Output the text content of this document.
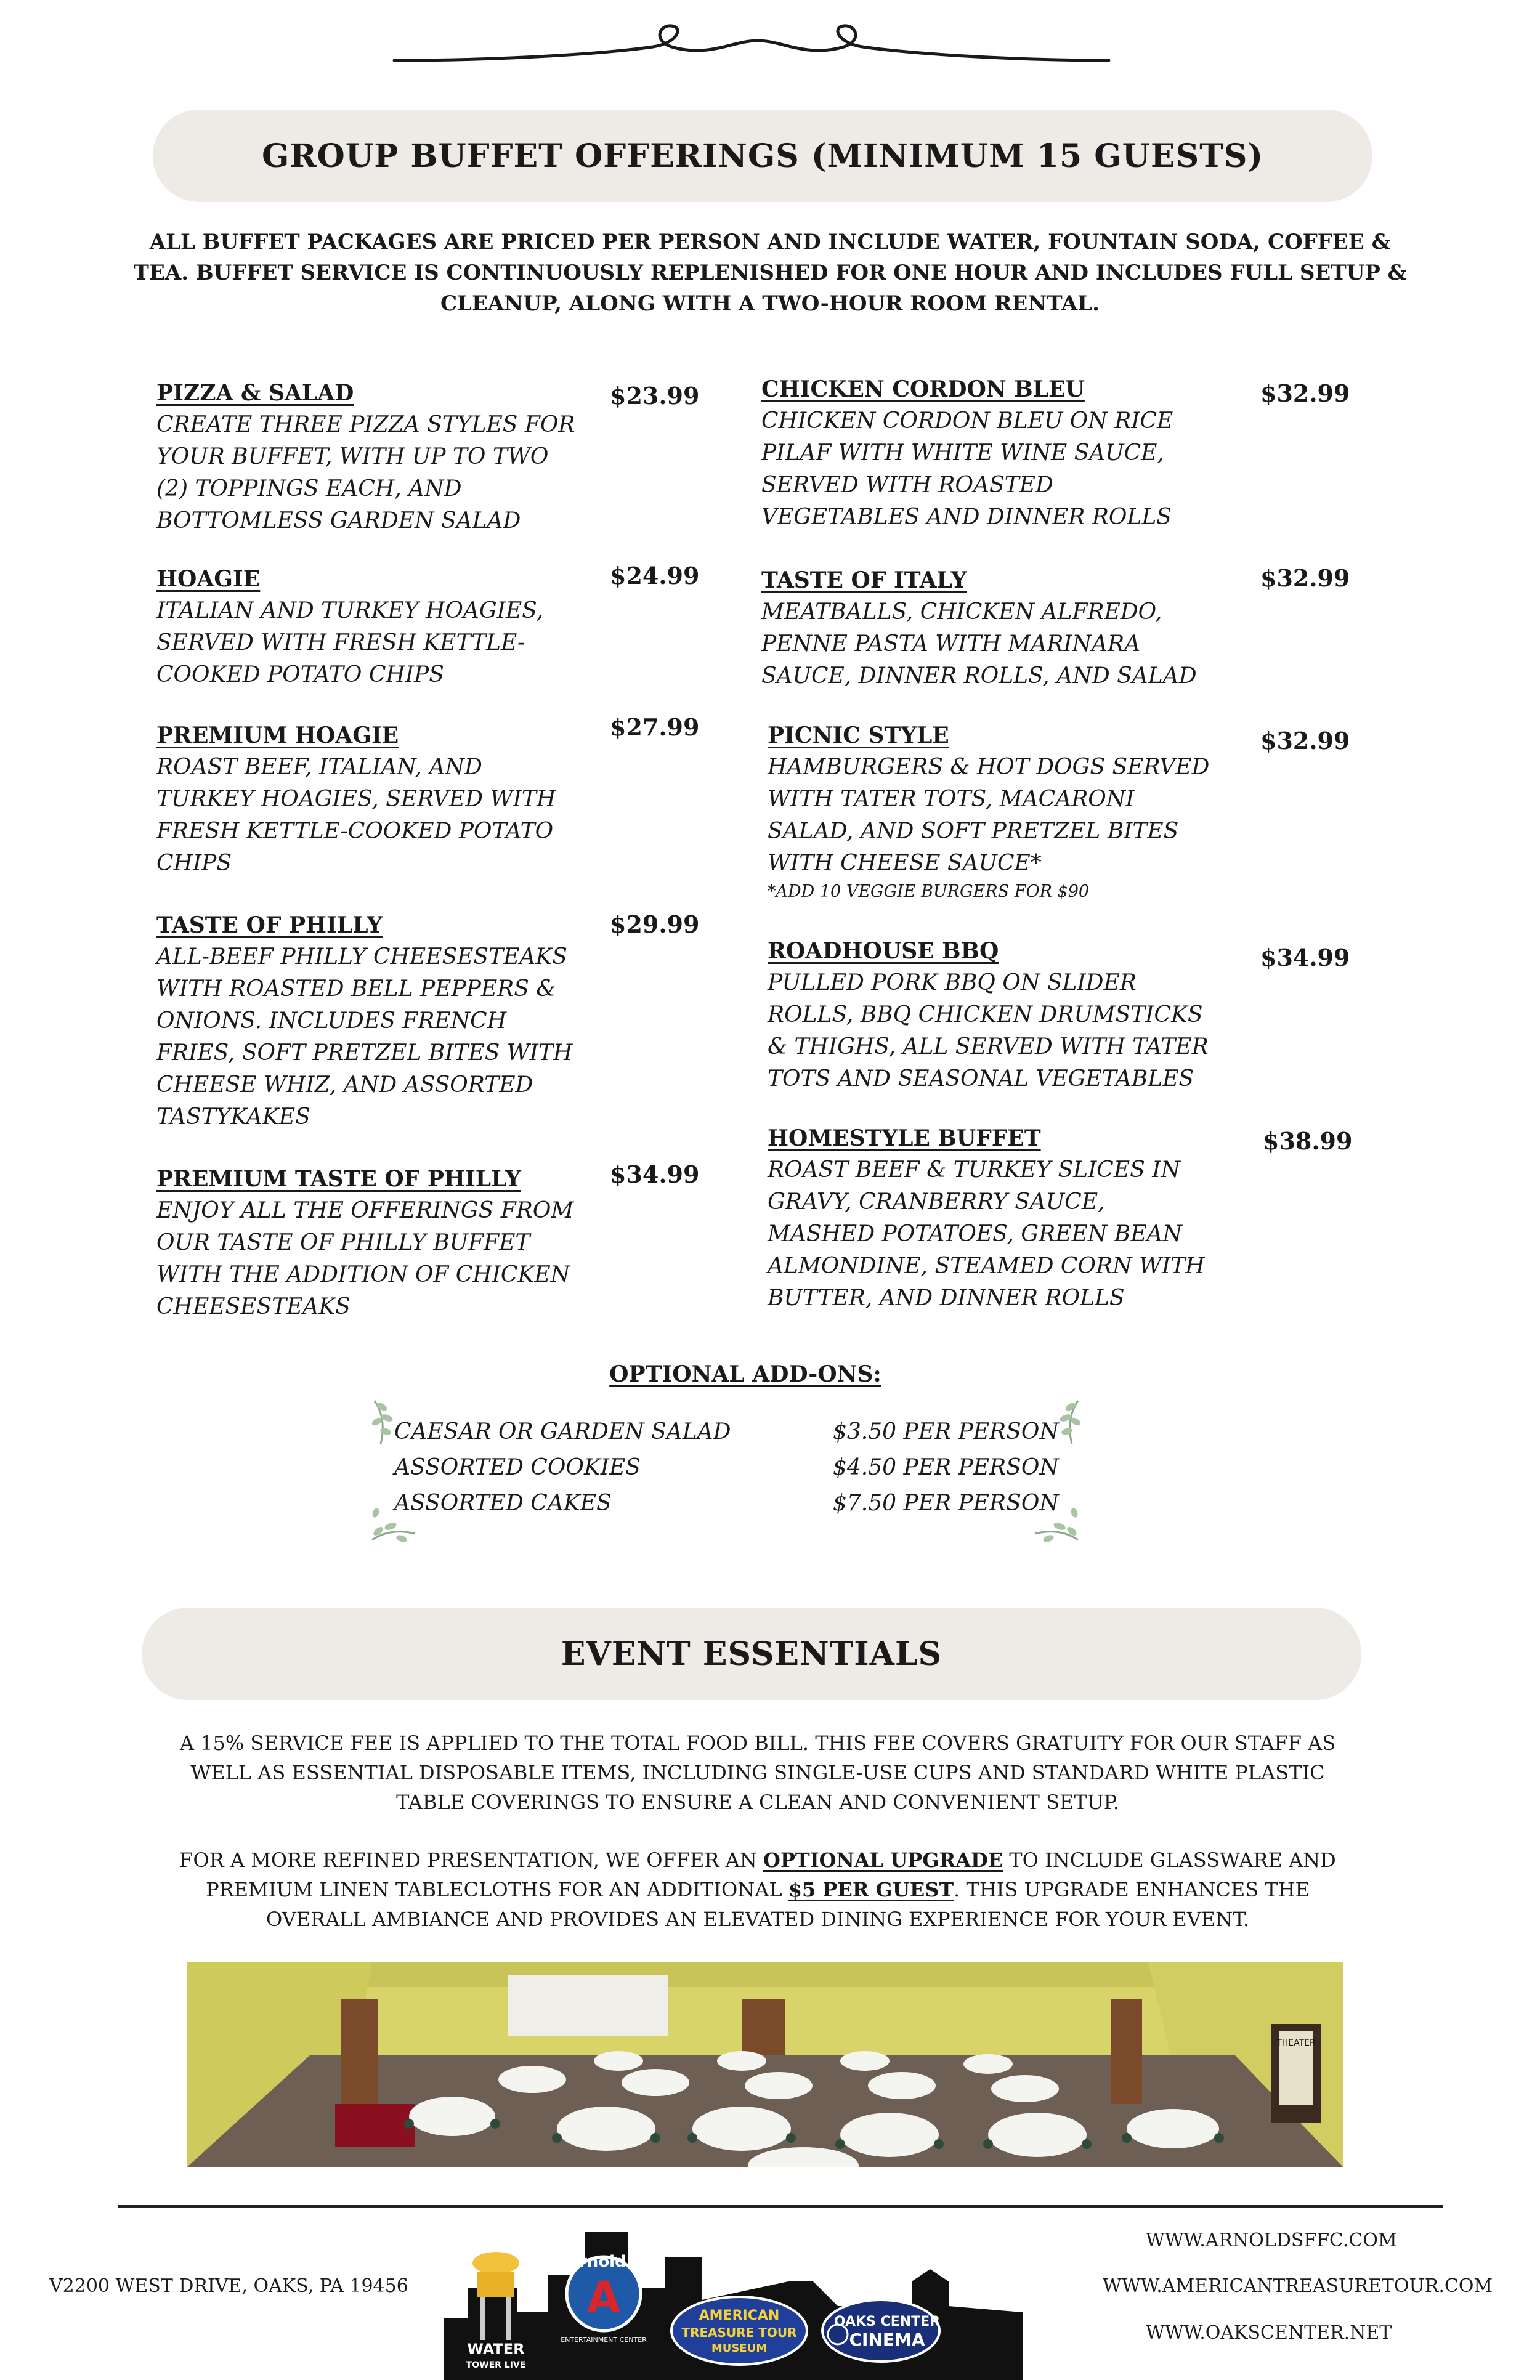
GROUP BUFFET OFFERINGS (MINIMUM 15 GUESTS)
ALL BUFFET PACKAGES ARE PRICED PER PERSON AND INCLUDE WATER, FOUNTAIN SODA, COFFEE & TEA. BUFFET SERVICE IS CONTINUOUSLY REPLENISHED FOR ONE HOUR AND INCLUDES FULL SETUP & CLEANUP, ALONG WITH A TWO-HOUR ROOM RENTAL.
PIZZA & SALAD
CREATE THREE PIZZA STYLES FOR
YOUR BUFFET, WITH UP TO TWO
(2) TOPPINGS EACH, AND
BOTTOMLESS GARDEN SALAD
$23.99
HOAGIE
ITALIAN AND TURKEY HOAGIES,
SERVED WITH FRESH KETTLE-
COOKED POTATO CHIPS
$24.99
PREMIUM HOAGIE
ROAST BEEF, ITALIAN, AND
TURKEY HOAGIES, SERVED WITH
FRESH KETTLE-COOKED POTATO
CHIPS
$27.99
TASTE OF PHILLY
ALL-BEEF PHILLY CHEESESTEAKS
WITH ROASTED BELL PEPPERS &
ONIONS. INCLUDES FRENCH
FRIES, SOFT PRETZEL BITES WITH
CHEESE WHIZ, AND ASSORTED
TASTYKAKES
$29.99
PREMIUM TASTE OF PHILLY
ENJOY ALL THE OFFERINGS FROM
OUR TASTE OF PHILLY BUFFET
WITH THE ADDITION OF CHICKEN
CHEESESTEAKS
$34.99
CHICKEN CORDON BLEU
CHICKEN CORDON BLEU ON RICE
PILAF WITH WHITE WINE SAUCE,
SERVED WITH ROASTED
VEGETABLES AND DINNER ROLLS
$32.99
TASTE OF ITALY
MEATBALLS, CHICKEN ALFREDO,
PENNE PASTA WITH MARINARA
SAUCE, DINNER ROLLS, AND SALAD
$32.99
PICNIC STYLE
HAMBURGERS & HOT DOGS SERVED
WITH TATER TOTS, MACARONI
SALAD, AND SOFT PRETZEL BITES
WITH CHEESE SAUCE*
*ADD 10 VEGGIE BURGERS FOR $90
$32.99
ROADHOUSE BBQ
PULLED PORK BBQ ON SLIDER
ROLLS, BBQ CHICKEN DRUMSTICKS
& THIGHS, ALL SERVED WITH TATER
TOTS AND SEASONAL VEGETABLES
$34.99
HOMESTYLE BUFFET
ROAST BEEF & TURKEY SLICES IN
GRAVY, CRANBERRY SAUCE,
MASHED POTATOES, GREEN BEAN
ALMONDINE, STEAMED CORN WITH
BUTTER, AND DINNER ROLLS
$38.99
OPTIONAL ADD-ONS:
CAESAR OR GARDEN SALAD	$3.50 PER PERSON
ASSORTED COOKIES	$4.50 PER PERSON
ASSORTED CAKES	$7.50 PER PERSON
EVENT ESSENTIALS
A 15% SERVICE FEE IS APPLIED TO THE TOTAL FOOD BILL. THIS FEE COVERS GRATUITY FOR OUR STAFF AS WELL AS ESSENTIAL DISPOSABLE ITEMS, INCLUDING SINGLE-USE CUPS AND STANDARD WHITE PLASTIC TABLE COVERINGS TO ENSURE A CLEAN AND CONVENIENT SETUP.
FOR A MORE REFINED PRESENTATION, WE OFFER AN OPTIONAL UPGRADE TO INCLUDE GLASSWARE AND PREMIUM LINEN TABLECLOTHS FOR AN ADDITIONAL $5 PER GUEST. THIS UPGRADE ENHANCES THE OVERALL AMBIANCE AND PROVIDES AN ELEVATED DINING EXPERIENCE FOR YOUR EVENT.
THEATER
V2200 WEST DRIVE, OAKS, PA 19456
WWW.ARNOLDSFFC.COM
WWW.AMERICANTREASURETOUR.COM
WWW.OAKSCENTER.NET
WATER
TOWER LIVE
Arnold's
A
ENTERTAINMENT CENTER
AMERICAN
TREASURE TOUR
MUSEUM
OAKS CENTER
CINEMA
